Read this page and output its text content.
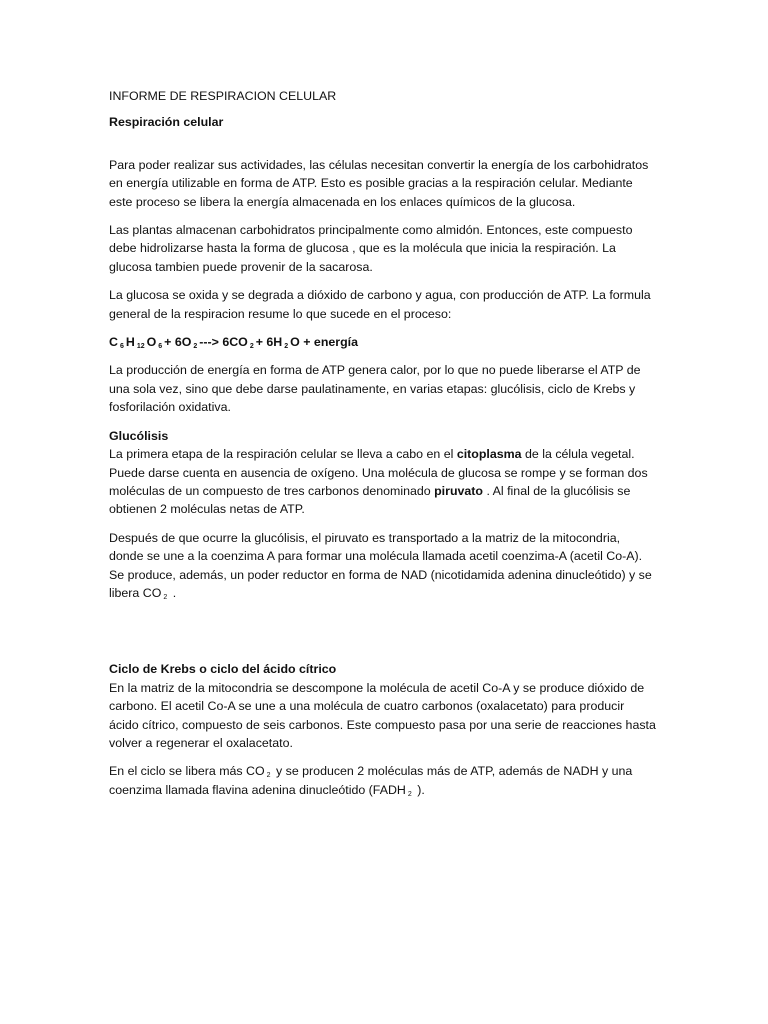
INFORME DE RESPIRACION CELULAR

Respiración celular

Para poder realizar sus actividades, las células necesitan convertir la energía de los carbohidratos en energía utilizable en forma de ATP. Esto es posible gracias a la respiración celular. Mediante este proceso se libera la energía almacenada en los enlaces químicos de la glucosa.

Las plantas almacenan carbohidratos principalmente como almidón. Entonces, este compuesto debe hidrolizarse hasta la forma de glucosa , que es la molécula que inicia la respiración. La glucosa tambien puede provenir de la sacarosa.

La glucosa se oxida y se degrada a dióxido de carbono y agua, con producción de ATP. La formula general de la respiracion resume lo que sucede en el proceso:

C $_6$ H $_{12}$ O $_6$ + 6O $_2$ ---> 6CO $_2$ + 6H $_2$ O + energía

La producción de energía en forma de ATP genera calor, por lo que no puede liberarse el ATP de una sola vez, sino que debe darse paulatinamente, en varias etapas: glucólisis, ciclo de Krebs y fosforilación oxidativa.

Glucólisis

La primera etapa de la respiración celular se lleva a cabo en el citoplasma de la célula vegetal. Puede darse cuenta en ausencia de oxígeno. Una molécula de glucosa se rompe y se forman dos moléculas de un compuesto de tres carbonos denominado piruvato . Al final de la glucólisis se obtienen 2 moléculas netas de ATP.

Después de que ocurre la glucólisis, el piruvato es transportado a la matriz de la mitocondria, donde se une a la coenzima A para formar una molécula llamada acetil coenzima-A (acetil Co-A). Se produce, además, un poder reductor en forma de NAD (nicotidamida adenina dinucleótido) y se libera CO $_2$ .

Ciclo de Krebs o ciclo del ácido cítrico

En la matriz de la mitocondria se descompone la molécula de acetil Co-A y se produce dióxido de carbono. El acetil Co-A se une a una molécula de cuatro carbonos (oxalacetato) para producir ácido cítrico, compuesto de seis carbonos. Este compuesto pasa por una serie de reacciones hasta volver a regenerar el oxalacetato.

En el ciclo se libera más CO $_2$ y se producen 2 moléculas más de ATP, además de NADH y una coenzima llamada flavina adenina dinucleótido (FADH $_2$ ).
